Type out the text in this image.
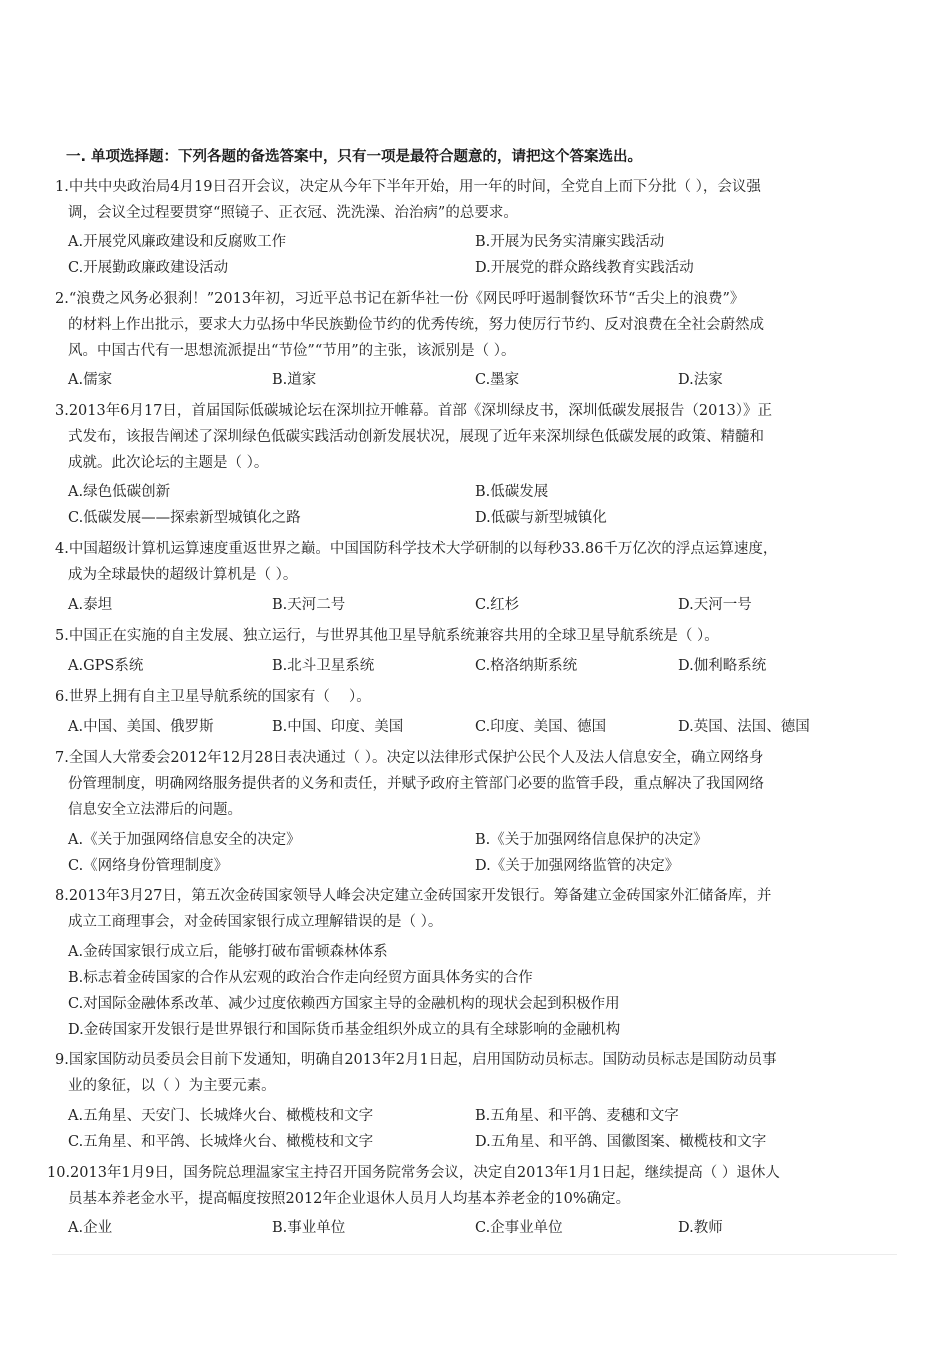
一. 单项选择题：下列各题的备选答案中，只有一项是最符合题意的，请把这个答案选出。
1.中共中央政治局4月19日召开会议，决定从今年下半年开始，用一年的时间，全党自上而下分批（ ），会议强
调，会议全过程要贯穿“照镜子、正衣冠、洗洗澡、治治病”的总要求。
A.开展党风廉政建设和反腐败工作	B.开展为民务实清廉实践活动
C.开展勤政廉政建设活动	D.开展党的群众路线教育实践活动
2.“浪费之风务必狠刹！”2013年初，习近平总书记在新华社一份《网民呼吁遏制餐饮环节“舌尖上的浪费”》
的材料上作出批示，要求大力弘扬中华民族勤俭节约的优秀传统，努力使厉行节约、反对浪费在全社会蔚然成
风。中国古代有一思想流派提出“节俭”“节用”的主张，该派别是（ ）。
A.儒家	B.道家	C.墨家	D.法家
3.2013年6月17日，首届国际低碳城论坛在深圳拉开帷幕。首部《深圳绿皮书，深圳低碳发展报告（2013）》正
式发布，该报告阐述了深圳绿色低碳实践活动创新发展状况，展现了近年来深圳绿色低碳发展的政策、精髓和
成就。此次论坛的主题是（ ）。
A.绿色低碳创新	B.低碳发展
C.低碳发展——探索新型城镇化之路	D.低碳与新型城镇化
4.中国超级计算机运算速度重返世界之巅。中国国防科学技术大学研制的以每秒33.86千万亿次的浮点运算速度，
成为全球最快的超级计算机是（ ）。
A.泰坦	B.天河二号	C.红杉	D.天河一号
5.中国正在实施的自主发展、独立运行，与世界其他卫星导航系统兼容共用的全球卫星导航系统是（ ）。
A.GPS系统	B.北斗卫星系统	C.格洛纳斯系统	D.伽利略系统
6.世界上拥有自主卫星导航系统的国家有（　 ）。
A.中国、美国、俄罗斯	B.中国、印度、美国	C.印度、美国、德国	D.英国、法国、德国
7.全国人大常委会2012年12月28日表决通过（ ）。决定以法律形式保护公民个人及法人信息安全，确立网络身
份管理制度，明确网络服务提供者的义务和责任，并赋予政府主管部门必要的监管手段，重点解决了我国网络
信息安全立法滞后的问题。
A.《关于加强网络信息安全的决定》	B.《关于加强网络信息保护的决定》
C.《网络身份管理制度》	D.《关于加强网络监管的决定》
8.2013年3月27日，第五次金砖国家领导人峰会决定建立金砖国家开发银行。筹备建立金砖国家外汇储备库，并
成立工商理事会，对金砖国家银行成立理解错误的是（ ）。
A.金砖国家银行成立后，能够打破布雷顿森林体系
B.标志着金砖国家的合作从宏观的政治合作走向经贸方面具体务实的合作
C.对国际金融体系改革、减少过度依赖西方国家主导的金融机构的现状会起到积极作用
D.金砖国家开发银行是世界银行和国际货币基金组织外成立的具有全球影响的金融机构
9.国家国防动员委员会目前下发通知，明确自2013年2月1日起，启用国防动员标志。国防动员标志是国防动员事
业的象征，以（ ）为主要元素。
A.五角星、天安门、长城烽火台、橄榄枝和文字	B.五角星、和平鸽、麦穗和文字
C.五角星、和平鸽、长城烽火台、橄榄枝和文字	D.五角星、和平鸽、国徽图案、橄榄枝和文字
10.2013年1月9日，国务院总理温家宝主持召开国务院常务会议，决定自2013年1月1日起，继续提高（ ）退休人
员基本养老金水平，提高幅度按照2012年企业退休人员月人均基本养老金的10%确定。
A.企业	B.事业单位	C.企事业单位	D.教师
